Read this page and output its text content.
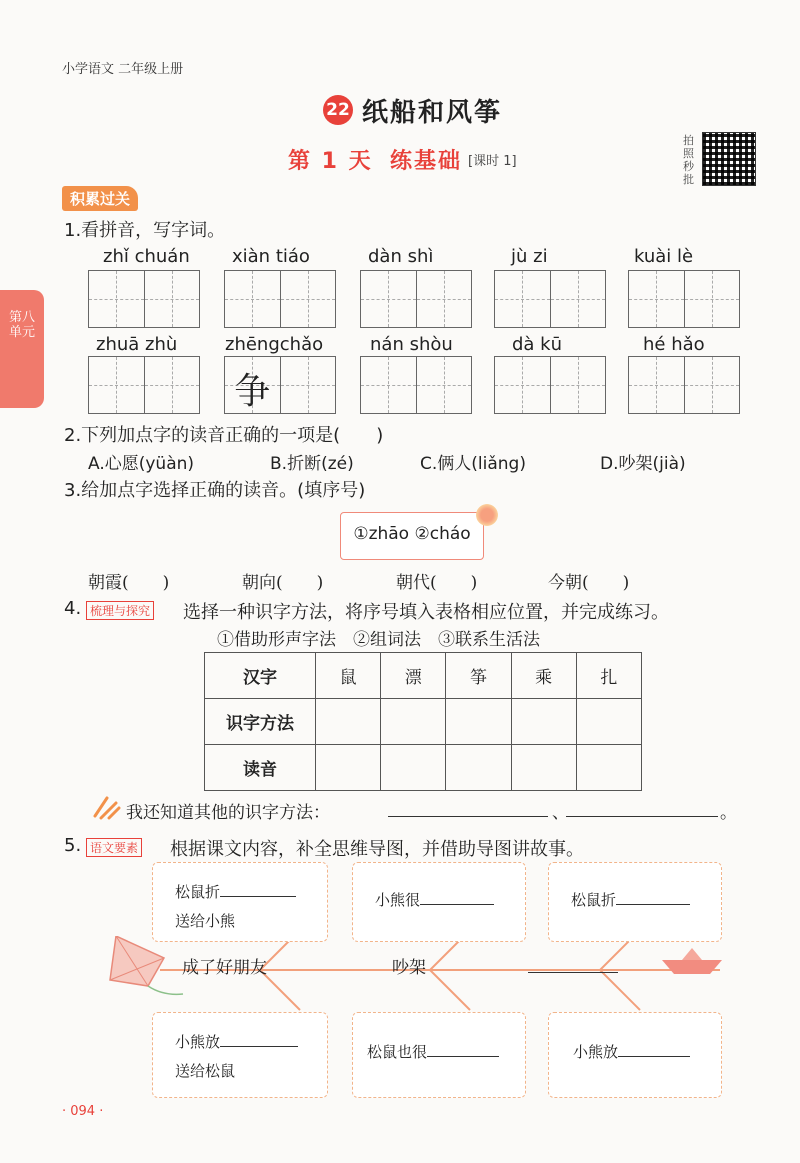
小学语文 二年级上册
22 纸船和风筝
第 1 天 练基础 [课时 1]
拍照秒批
第八单元
积累过关
1.看拼音，写字词。
zhǐ chuán xiàn tiáo	dàn shì	jù zi	kuài lè
zhuā zhù	zhēngchǎo	nán shòu	dà kū	hé hǎo
争
2.下列加点字的读音正确的一项是(　　)
A.心愿(yüàn)	B.折断(zé)	C.俩人(liǎng)	D.吵架(jià)
3.给加点字选择正确的读音。(填序号)
①zhāo ②cháo
朝霞(　　)	朝向(　　)	朝代(　　)	今朝(　　)
4. 梳理与探究 选择一种识字方法，将序号填入表格相应位置，并完成练习。
①借助形声字法　②组词法　③联系生活法
汉字	鼠	漂	筝	乘	扎
识字方法					
读音					
我还知道其他的识字方法：	、	。
5. 语文要素 根据课文内容，补全思维导图，并借助导图讲故事。
成了好朋友	吵架
松鼠折
送给小熊
小熊很	松鼠折
小熊放
送给松鼠
松鼠也很	小熊放
· 094 ·
